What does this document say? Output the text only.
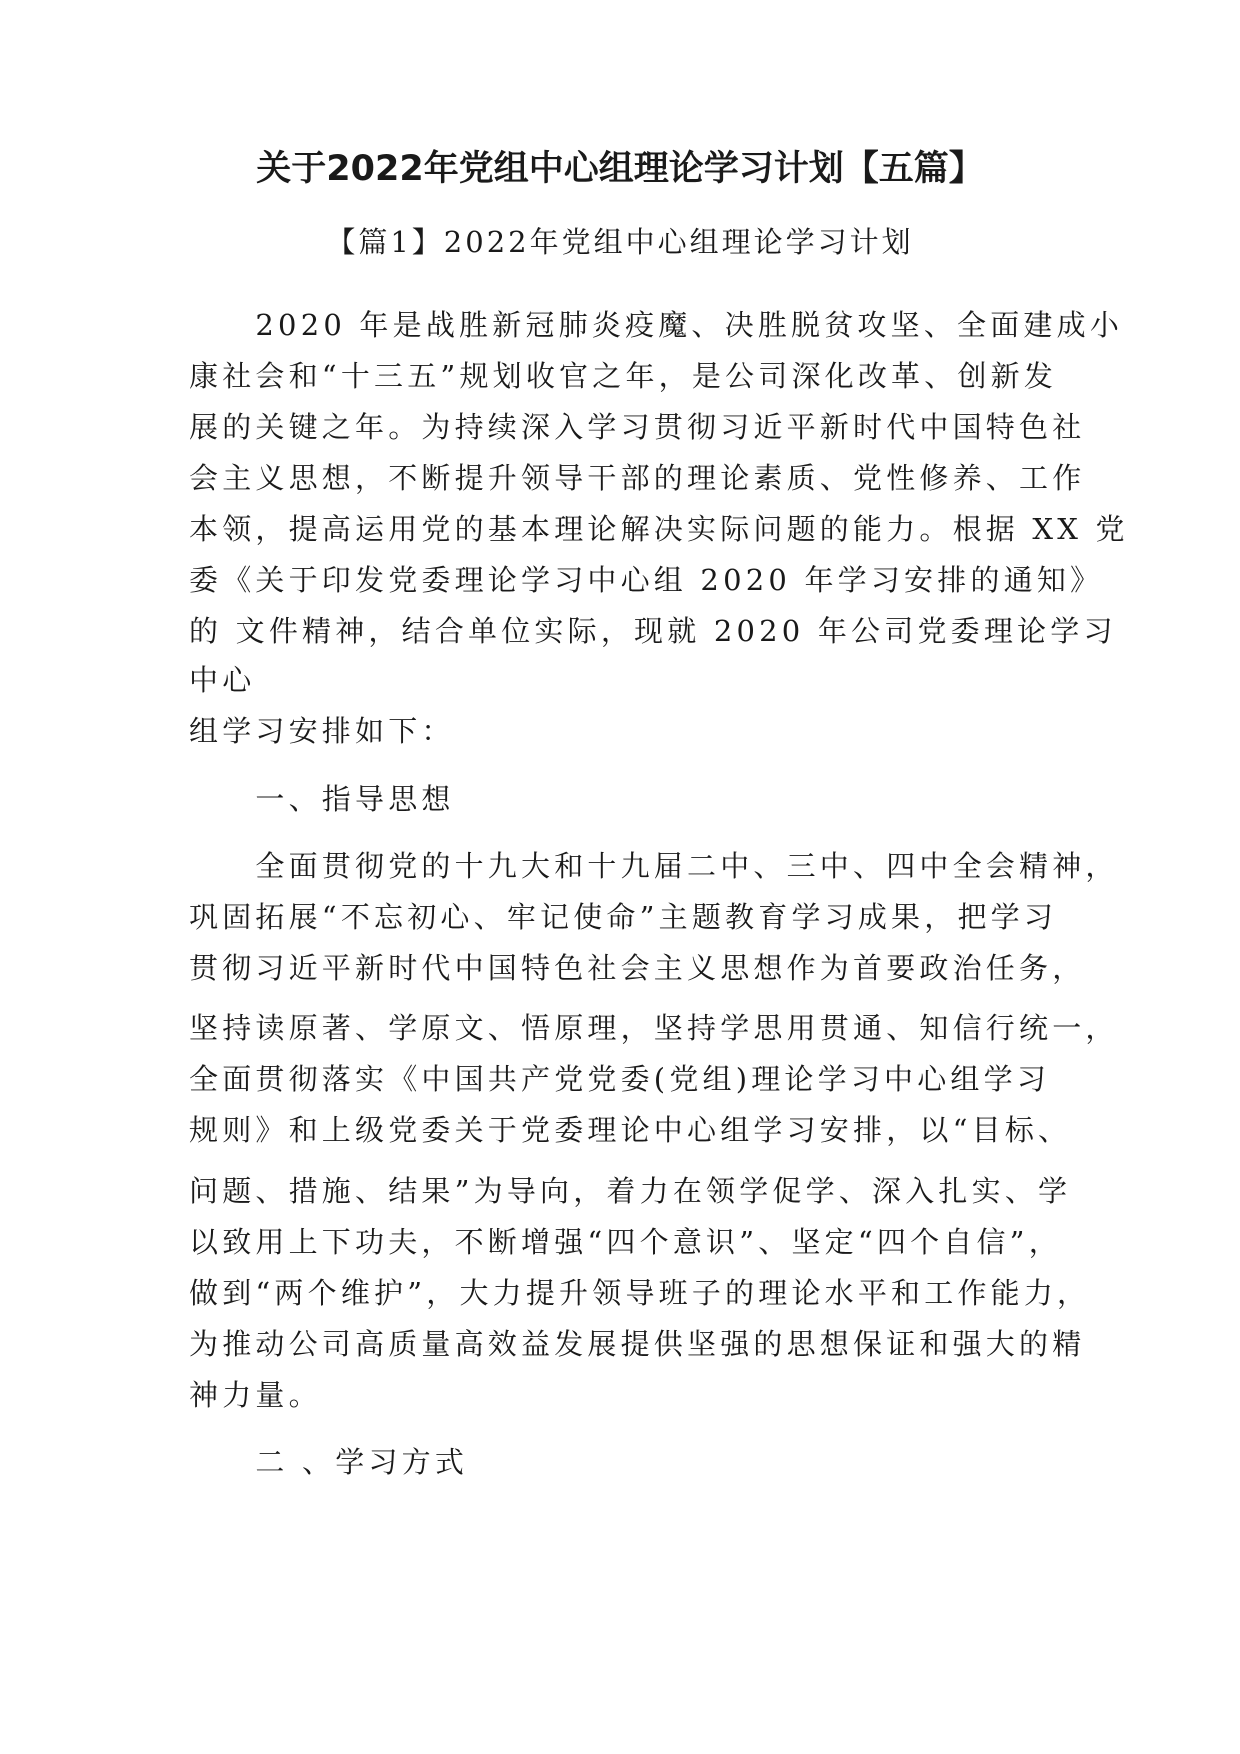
关于2022年党组中心组理论学习计划【五篇】
【篇1】2022年党组中心组理论学习计划
　　2020 年是战胜新冠肺炎疫魔、决胜脱贫攻坚、全面建成小
康社会和“十三五”规划收官之年，是公司深化改革、创新发
展的关键之年。为持续深入学习贯彻习近平新时代中国特色社
会主义思想，不断提升领导干部的理论素质、党性修养、工作
本领，提高运用党的基本理论解决实际问题的能力。根据 XX 党
委《关于印发党委理论学习中心组 2020 年学习安排的通知》
的 文件精神，结合单位实际，现就 2020 年公司党委理论学习
中心
组学习安排如下：
　　一、指导思想
　　全面贯彻党的十九大和十九届二中、三中、四中全会精神，
巩固拓展“不忘初心、牢记使命”主题教育学习成果，把学习
贯彻习近平新时代中国特色社会主义思想作为首要政治任务，
坚持读原著、学原文、悟原理，坚持学思用贯通、知信行统一，
全面贯彻落实《中国共产党党委(党组)理论学习中心组学习
规则》和上级党委关于党委理论中心组学习安排，以“目标、
问题、措施、结果”为导向，着力在领学促学、深入扎实、学
以致用上下功夫，不断增强“四个意识”、坚定“四个自信”，
做到“两个维护”，大力提升领导班子的理论水平和工作能力，
为推动公司高质量高效益发展提供坚强的思想保证和强大的精
神力量。
　　二 、学习方式
